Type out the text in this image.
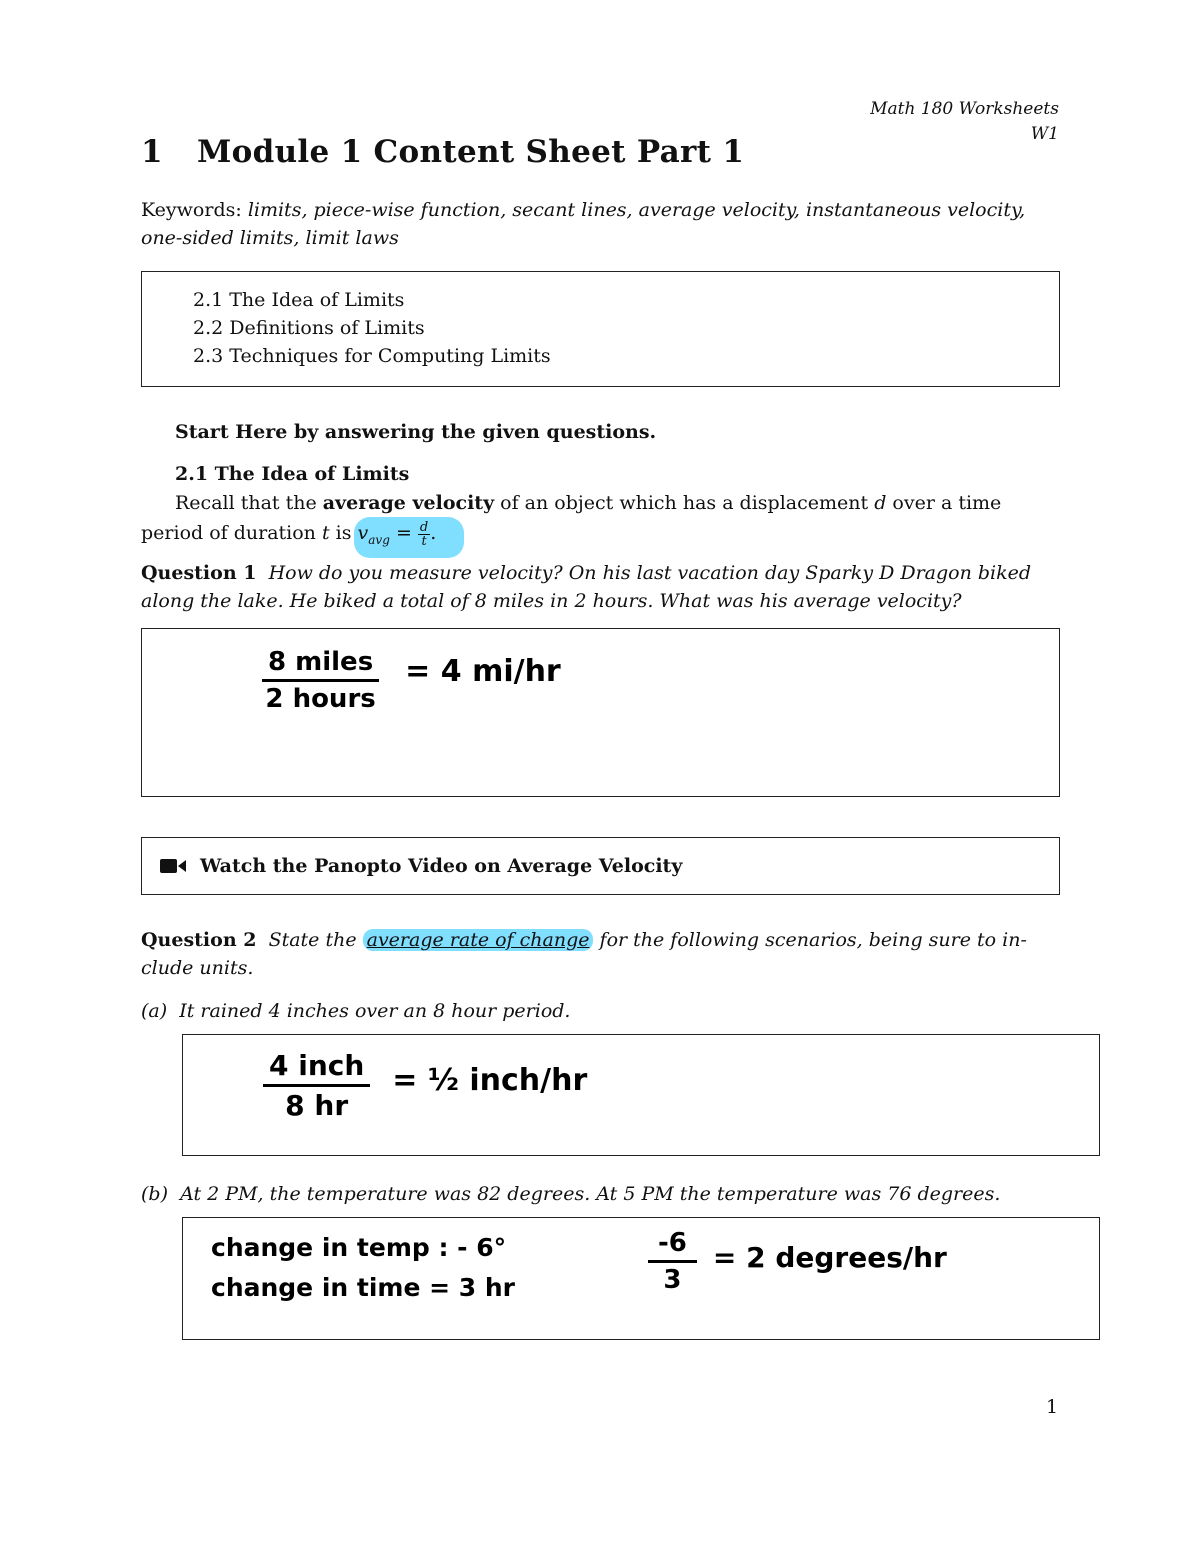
Math 180 Worksheets
W1
1 Module 1 Content Sheet Part 1
Keywords: limits, piece-wise function, secant lines, average velocity, instantaneous velocity,
one-sided limits, limit laws
2.1 The Idea of Limits
2.2 Definitions of Limits
2.3 Techniques for Computing Limits
Start Here by answering the given questions.
2.1 The Idea of Limits
Recall that the average velocity of an object which has a displacement d over a time
period of duration t is $v_{avg} = \frac{d}{t}$ .
Question 1 How do you measure velocity? On his last vacation day Sparky D Dragon biked
along the lake. He biked a total of 8 miles in 2 hours. What was his average velocity?
$\frac{\text{8 miles}}{\text{2 hours}} = 4$ mi/hr
Watch the Panopto Video on Average Velocity
Question 2 State the average rate of change for the following scenarios, being sure to in-
clude units.
(a) It rained 4 inches over an 8 hour period.
$\frac{\text{4 inch}}{8 hr}$ = ½ inch/hr
(b) At 2 PM, the temperature was 82 degrees. At 5 PM the temperature was 76 degrees.
change in temp : - 6°
change in time = 3 hr	$\frac{-6}{3} = 2$ degrees/hr
1
